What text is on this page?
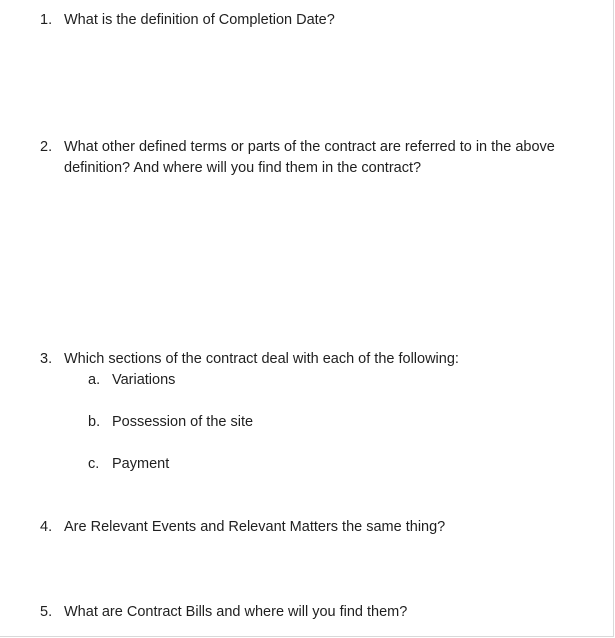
1. What is the definition of Completion Date?
2. What other defined terms or parts of the contract are referred to in the above definition? And where will you find them in the contract?
3. Which sections of the contract deal with each of the following:
a. Variations
b. Possession of the site
c. Payment
4. Are Relevant Events and Relevant Matters the same thing?
5. What are Contract Bills and where will you find them?
